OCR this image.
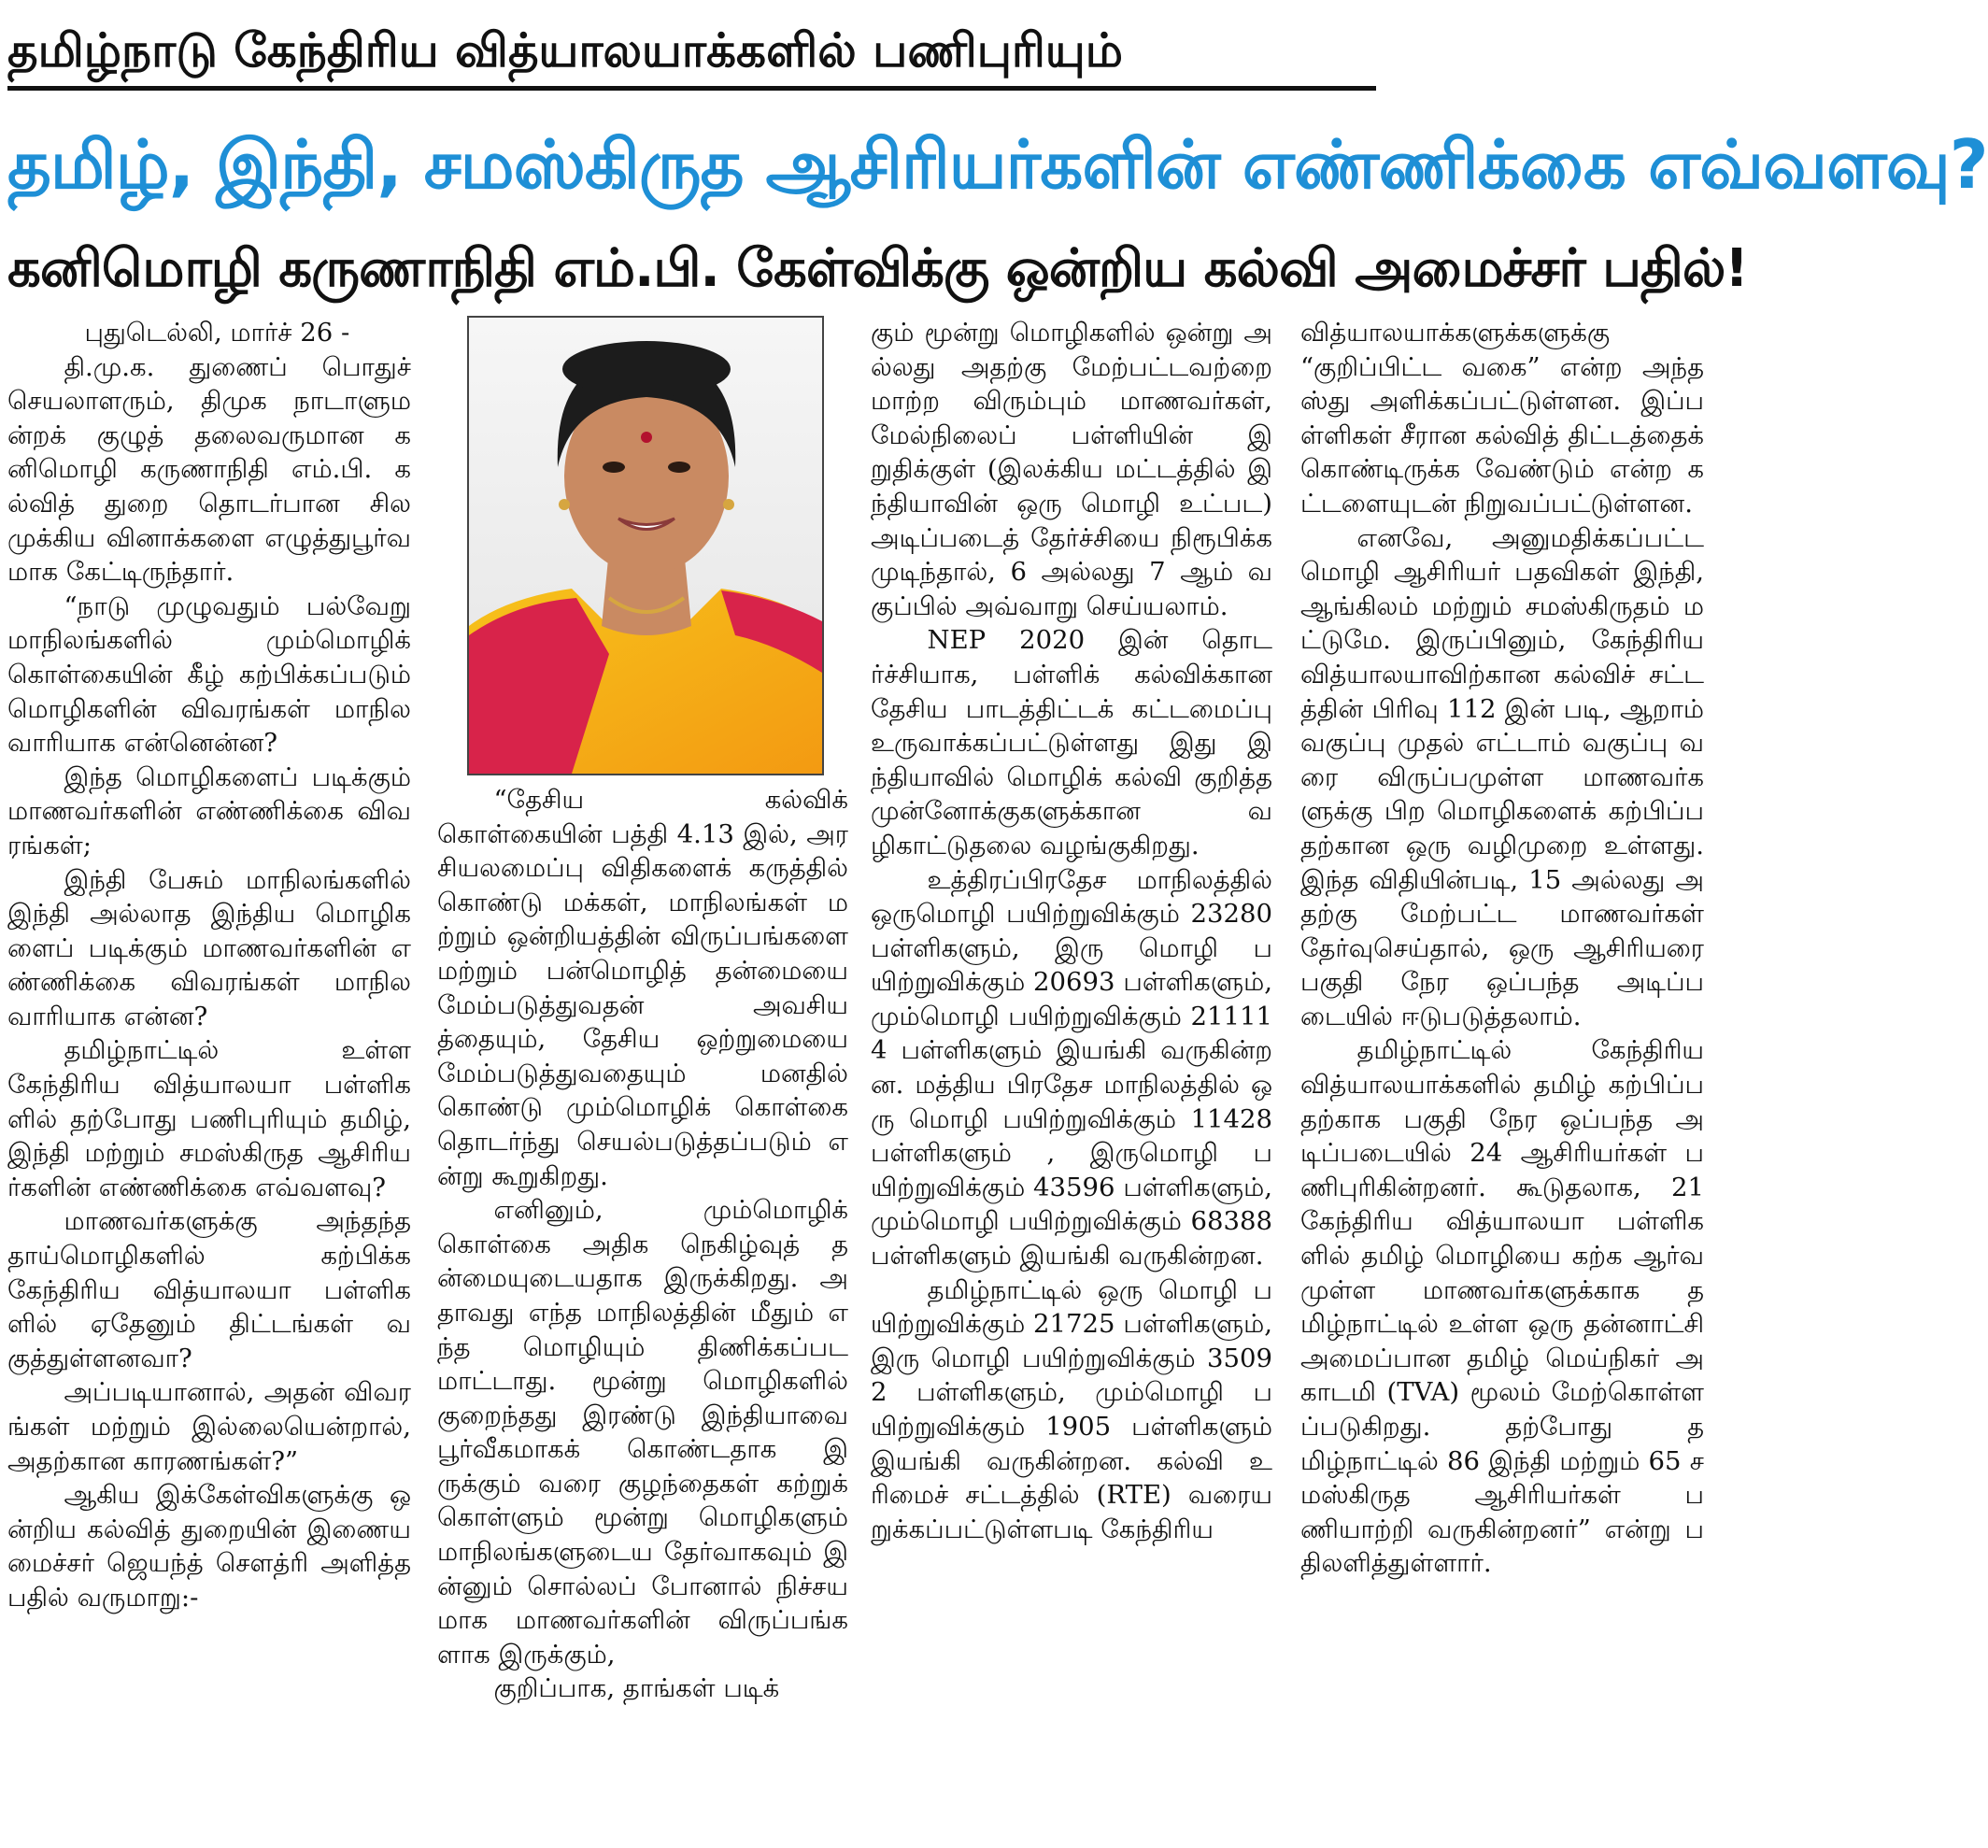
தமிழ்நாடு கேந்திரிய வித்யாலயாக்களில் பணிபுரியும்
தமிழ், இந்தி, சமஸ்கிருத ஆசிரியர்களின் எண்ணிக்கை எவ்வளவு?
கனிமொழி கருணாநிதி எம்.பி. கேள்விக்கு ஒன்றிய கல்வி அமைச்சர் பதில்!

புதுடெல்லி, மார்ச் 26 -

தி.மு.க. துணைப் பொதுச் செயலாளரும், திமுக நாடாளுமன்றக் குழுத் தலைவருமான கனிமொழி கருணாநிதி எம்.பி. கல்வித் துறை தொடர்பான சில முக்கிய வினாக்களை எழுத்துபூர்வமாக கேட்டிருந்தார்.

“நாடு முழுவதும் பல்வேறு மாநிலங்களில் மும்மொழிக் கொள்கையின் கீழ் கற்பிக்கப்படும் மொழிகளின் விவரங்கள் மாநில வாரியாக என்னென்ன?

இந்த மொழிகளைப் படிக்கும் மாணவர்களின் எண்ணிக்கை விவரங்கள்;

இந்தி பேசும் மாநிலங்களில் இந்தி அல்லாத இந்திய மொழிகளைப் படிக்கும் மாணவர்களின் எண்ணிக்கை விவரங்கள் மாநில வாரியாக என்ன?

தமிழ்நாட்டில் உள்ள கேந்திரிய வித்யாலயா பள்ளிகளில் தற்போது பணிபுரியும் தமிழ், இந்தி மற்றும் சமஸ்கிருத ஆசிரியர்களின் எண்ணிக்கை எவ்வளவு?

மாணவர்களுக்கு அந்தந்த தாய்மொழிகளில் கற்பிக்க கேந்திரிய வித்யாலயா பள்ளிகளில் ஏதேனும் திட்டங்கள் வகுத்துள்ளனவா?

அப்படியானால், அதன் விவரங்கள் மற்றும் இல்லையென்றால், அதற்கான காரணங்கள்?”

ஆகிய இக்கேள்விகளுக்கு ஒன்றிய கல்வித் துறையின் இணையமைச்சர் ஜெயந்த் சௌத்ரி அளித்த பதில் வருமாறு:-

“தேசிய கல்விக் கொள்கையின் பத்தி 4.13 இல், அரசியலமைப்பு விதிகளைக் கருத்தில் கொண்டு மக்கள், மாநிலங்கள் மற்றும் ஒன்றியத்தின் விருப்பங்களை மற்றும் பன்மொழித் தன்மையை மேம்படுத்துவதன் அவசியத்தையும், தேசிய ஒற்றுமையை மேம்படுத்துவதையும் மனதில் கொண்டு மும்மொழிக் கொள்கை தொடர்ந்து செயல்படுத்தப்படும் என்று கூறுகிறது.

எனினும், மும்மொழிக் கொள்கை அதிக நெகிழ்வுத் தன்மையுடையதாக இருக்கிறது. அதாவது எந்த மாநிலத்தின் மீதும் எந்த மொழியும் திணிக்கப்பட மாட்டாது. மூன்று மொழிகளில் குறைந்தது இரண்டு இந்தியாவை பூர்வீகமாகக் கொண்டதாக இருக்கும் வரை குழந்தைகள் கற்றுக் கொள்ளும் மூன்று மொழிகளும் மாநிலங்களுடைய தேர்வாகவும் இன்னும் சொல்லப் போனால் நிச்சயமாக மாணவர்களின் விருப்பங்களாக இருக்கும்,

குறிப்பாக, தாங்கள் படிக்

கும் மூன்று மொழிகளில் ஒன்று அல்லது அதற்கு மேற்பட்டவற்றை மாற்ற விரும்பும் மாணவர்கள், மேல்நிலைப் பள்ளியின் இறுதிக்குள் (இலக்கிய மட்டத்தில் இந்தியாவின் ஒரு மொழி உட்பட) அடிப்படைத் தேர்ச்சியை நிரூபிக்க முடிந்தால், 6 அல்லது 7 ஆம் வகுப்பில் அவ்வாறு செய்யலாம்.

NEP 2020 இன் தொடர்ச்சியாக, பள்ளிக் கல்விக்கான தேசிய பாடத்திட்டக் கட்டமைப்பு உருவாக்கப்பட்டுள்ளது இது இந்தியாவில் மொழிக் கல்வி குறித்த முன்னோக்குகளுக்கான வழிகாட்டுதலை வழங்குகிறது.

உத்திரப்பிரதேச மாநிலத்தில் ஒருமொழி பயிற்றுவிக்கும் 23280 பள்ளிகளும், இரு மொழி பயிற்றுவிக்கும் 20693 பள்ளிகளும், மும்மொழி பயிற்றுவிக்கும் 211114 பள்ளிகளும் இயங்கி வருகின்றன. மத்திய பிரதேச மாநிலத்தில் ஒரு மொழி பயிற்றுவிக்கும் 11428 பள்ளிகளும் , இருமொழி பயிற்றுவிக்கும் 43596 பள்ளிகளும், மும்மொழி பயிற்றுவிக்கும் 68388 பள்ளிகளும் இயங்கி வருகின்றன.

தமிழ்நாட்டில் ஒரு மொழி பயிற்றுவிக்கும் 21725 பள்ளிகளும், இரு மொழி பயிற்றுவிக்கும் 35092 பள்ளிகளும், மும்மொழி பயிற்றுவிக்கும் 1905 பள்ளிகளும் இயங்கி வருகின்றன. கல்வி உரிமைச் சட்டத்தில் (RTE) வரையறுக்கப்பட்டுள்ளபடி கேந்திரிய

வித்யாலயாக்களுக்களுக்கு “குறிப்பிட்ட வகை” என்ற அந்தஸ்து அளிக்கப்பட்டுள்ளன. இப்பள்ளிகள் சீரான கல்வித் திட்டத்தைக் கொண்டிருக்க வேண்டும் என்ற கட்டளையுடன் நிறுவப்பட்டுள்ளன.

எனவே, அனுமதிக்கப்பட்ட மொழி ஆசிரியர் பதவிகள் இந்தி, ஆங்கிலம் மற்றும் சமஸ்கிருதம் மட்டுமே. இருப்பினும், கேந்திரிய வித்யாலயாவிற்கான கல்விச் சட்டத்தின் பிரிவு 112 இன் படி, ஆறாம் வகுப்பு முதல் எட்டாம் வகுப்பு வரை விருப்பமுள்ள மாணவர்களுக்கு பிற மொழிகளைக் கற்பிப்பதற்கான ஒரு வழிமுறை உள்ளது. இந்த விதியின்படி, 15 அல்லது அதற்கு மேற்பட்ட மாணவர்கள் தேர்வுசெய்தால், ஒரு ஆசிரியரை பகுதி நேர ஒப்பந்த அடிப்படையில் ஈடுபடுத்தலாம்.

தமிழ்நாட்டில் கேந்திரிய வித்யாலயாக்களில் தமிழ் கற்பிப்பதற்காக பகுதி நேர ஒப்பந்த அடிப்படையில் 24 ஆசிரியர்கள் பணிபுரிகின்றனர். கூடுதலாக, 21 கேந்திரிய வித்யாலயா பள்ளிகளில் தமிழ் மொழியை கற்க ஆர்வமுள்ள மாணவர்களுக்காக தமிழ்நாட்டில் உள்ள ஒரு தன்னாட்சி அமைப்பான தமிழ் மெய்நிகர் அகாடமி (TVA) மூலம் மேற்கொள்ளப்படுகிறது. தற்போது தமிழ்நாட்டில் 86 இந்தி மற்றும் 65 சமஸ்கிருத ஆசிரியர்கள் பணியாற்றி வருகின்றனர்” என்று பதிலளித்துள்ளார்.
